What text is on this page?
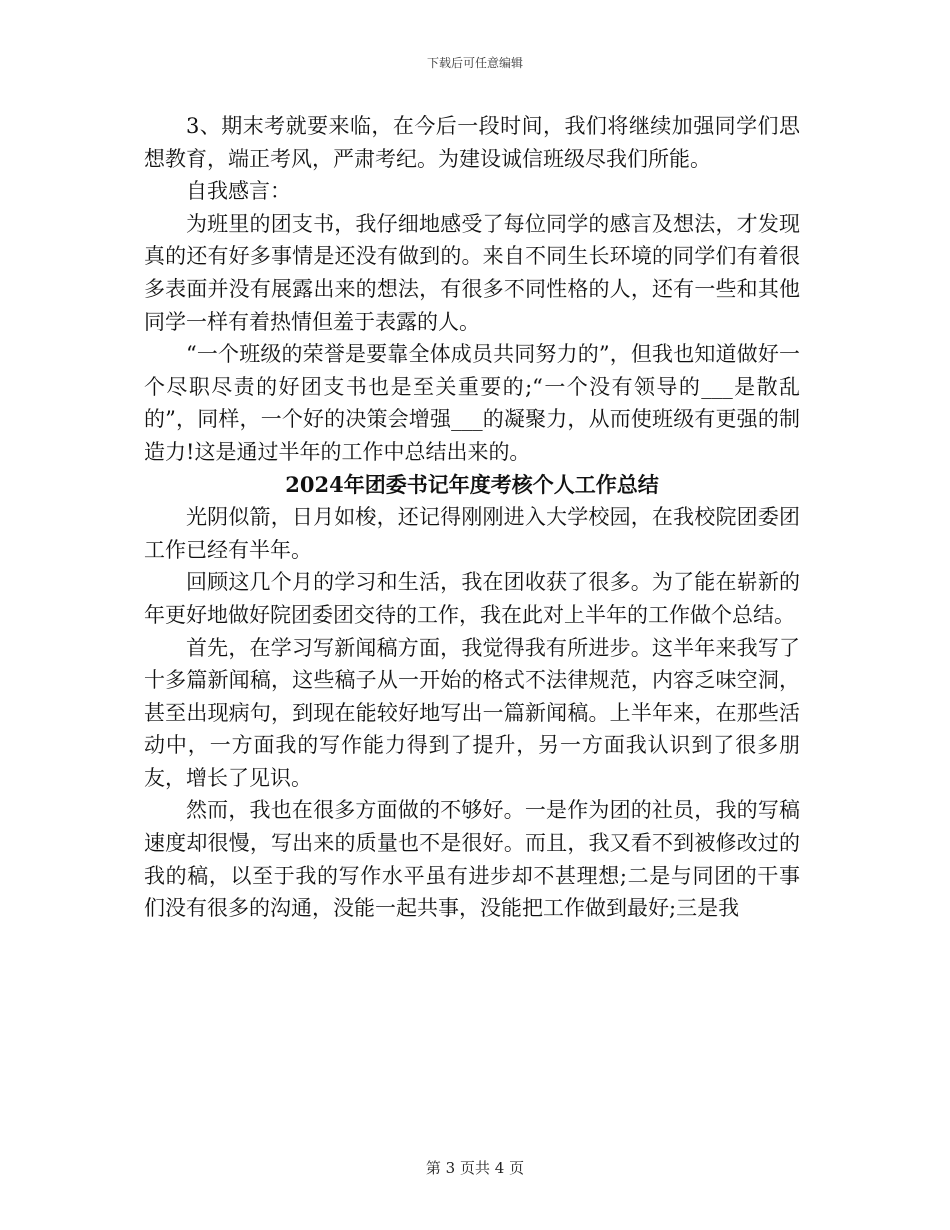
下载后可任意编辑

3、期末考就要来临，在今后一段时间，我们将继续加强同学们思想教育，端正考风，严肃考纪。为建设诚信班级尽我们所能。

自我感言：

为班里的团支书，我仔细地感受了每位同学的感言及想法，才发现真的还有好多事情是还没有做到的。来自不同生长环境的同学们有着很多表面并没有展露出来的想法，有很多不同性格的人，还有一些和其他同学一样有着热情但羞于表露的人。

“一个班级的荣誉是要靠全体成员共同努力的”，但我也知道做好一个尽职尽责的好团支书也是至关重要的;“一个没有领导的___是散乱的”，同样，一个好的决策会增强___的凝聚力，从而使班级有更强的制造力!这是通过半年的工作中总结出来的。

2024年团委书记年度考核个人工作总结

光阴似箭，日月如梭，还记得刚刚进入大学校园，在我校院团委团工作已经有半年。

回顾这几个月的学习和生活，我在团收获了很多。为了能在崭新的年更好地做好院团委团交待的工作，我在此对上半年的工作做个总结。

首先，在学习写新闻稿方面，我觉得我有所进步。这半年来我写了十多篇新闻稿，这些稿子从一开始的格式不法律规范，内容乏味空洞，甚至出现病句，到现在能较好地写出一篇新闻稿。上半年来，在那些活动中，一方面我的写作能力得到了提升，另一方面我认识到了很多朋友，增长了见识。

然而，我也在很多方面做的不够好。一是作为团的社员，我的写稿速度却很慢，写出来的质量也不是很好。而且，我又看不到被修改过的我的稿，以至于我的写作水平虽有进步却不甚理想;二是与同团的干事们没有很多的沟通，没能一起共事，没能把工作做到最好;三是我

第 3 页共 4 页
